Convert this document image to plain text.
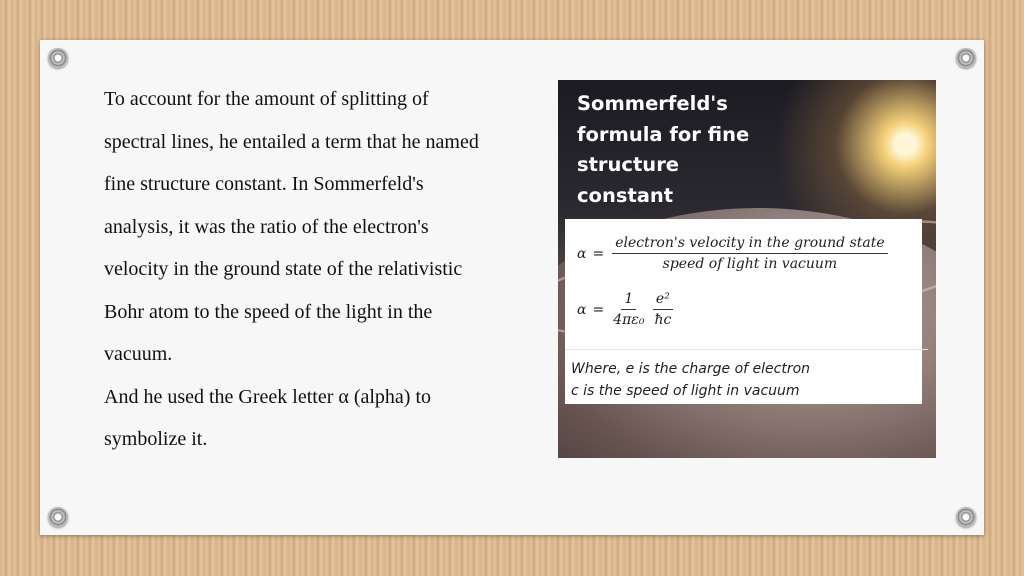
To account for the amount of splitting of

spectral lines, he entailed a term that he named

fine structure constant. In Sommerfeld's

analysis, it was the ratio of the electron's

velocity in the ground state of the relativistic

Bohr atom to the speed of the light in the

vacuum.

And he used the Greek letter α (alpha) to

symbolize it.

Sommerfeld's
formula for fine
structure
constant
$\alpha = \frac{\text{electron's velocity in the ground state}}{\text{speed of light in vacuum}}$
$\alpha = \frac{1}{\text{4πε₀}} \frac{\text{e²}}{ħc}$
Where, e is the charge of electron
c is the speed of light in vacuum
